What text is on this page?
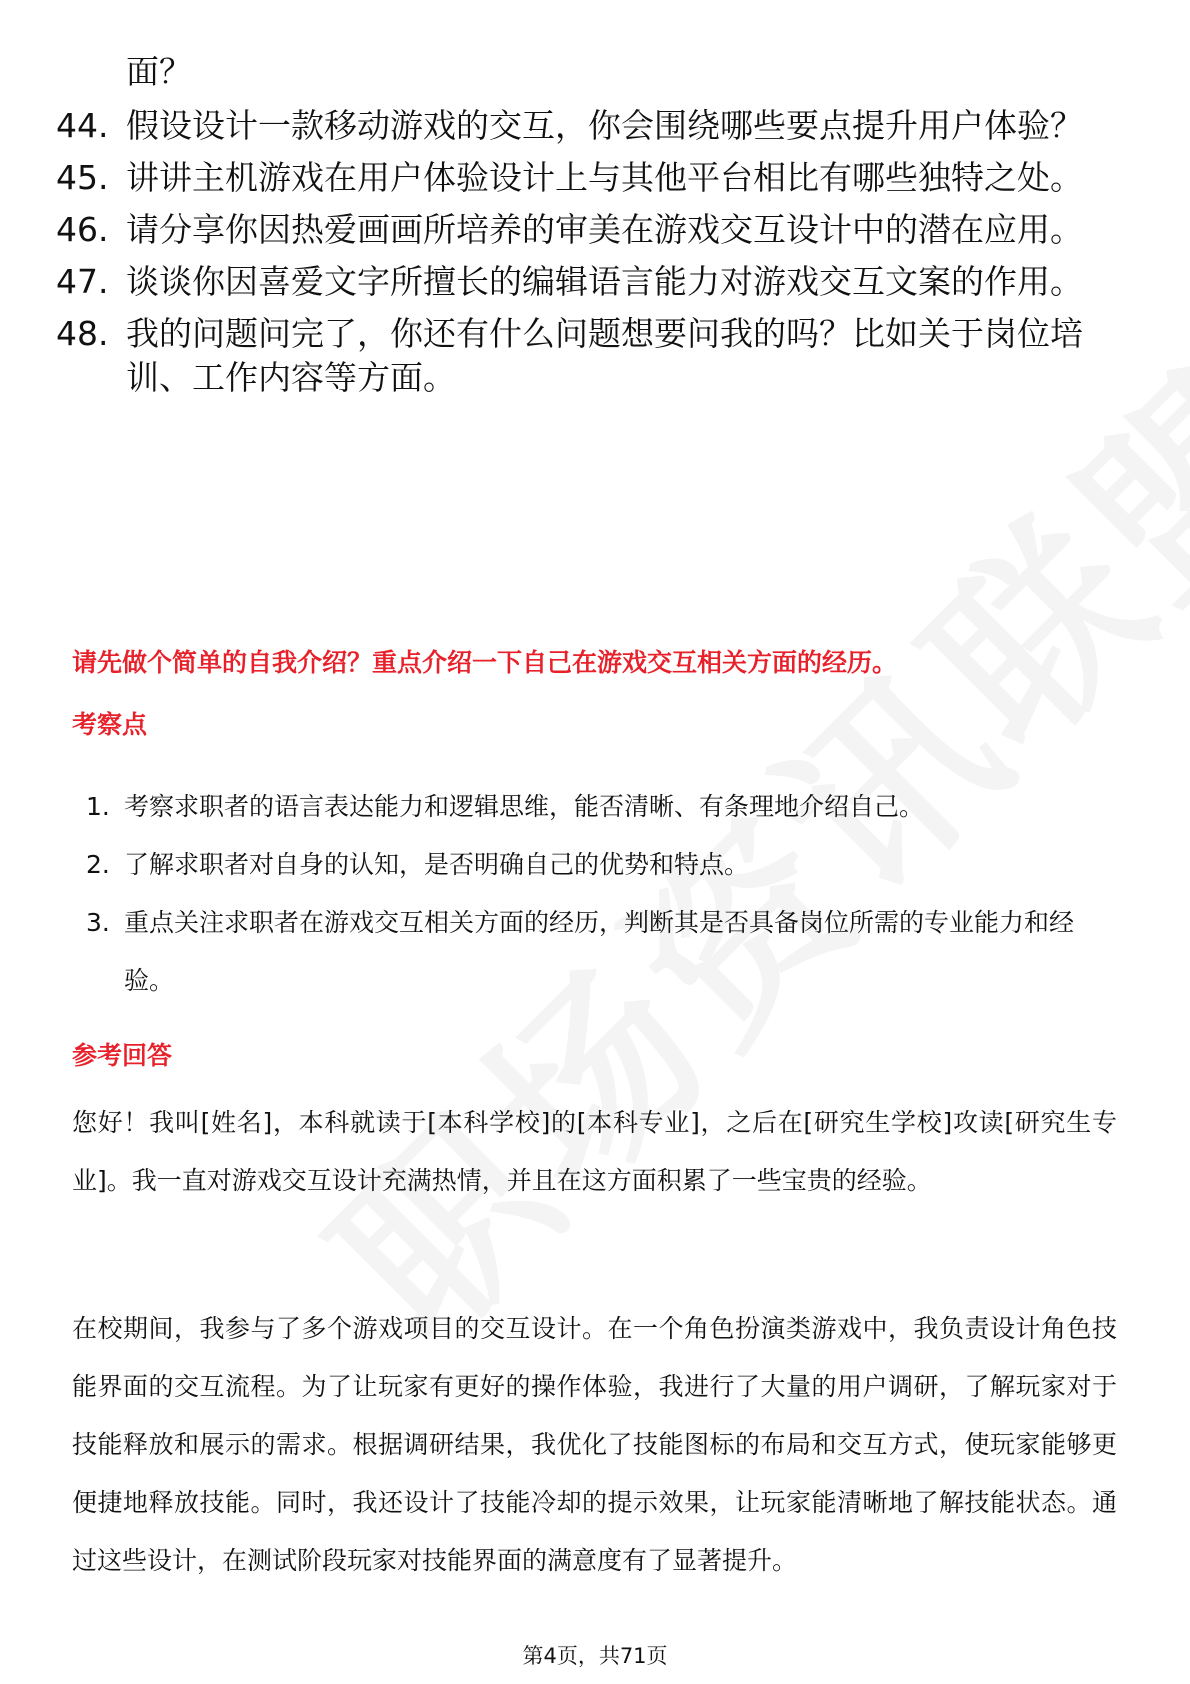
面？
44. 假设设计一款移动游戏的交互，你会围绕哪些要点提升用户体验？
45. 讲讲主机游戏在用户体验设计上与其他平台相比有哪些独特之处。
46. 请分享你因热爱画画所培养的审美在游戏交互设计中的潜在应用。
47. 谈谈你因喜爱文字所擅长的编辑语言能力对游戏交互文案的作用。
48. 我的问题问完了，你还有什么问题想要问我的吗？比如关于岗位培训、工作内容等方面。
请先做个简单的自我介绍？重点介绍一下自己在游戏交互相关方面的经历。
考察点
1. 考察求职者的语言表达能力和逻辑思维，能否清晰、有条理地介绍自己。
2. 了解求职者对自身的认知，是否明确自己的优势和特点。
3. 重点关注求职者在游戏交互相关方面的经历，判断其是否具备岗位所需的专业能力和经验。
参考回答
您好！我叫[姓名]，本科就读于[本科学校]的[本科专业]，之后在[研究生学校]攻读[研究生专业]。我一直对游戏交互设计充满热情，并且在这方面积累了一些宝贵的经验。
在校期间，我参与了多个游戏项目的交互设计。在一个角色扮演类游戏中，我负责设计角色技能界面的交互流程。为了让玩家有更好的操作体验，我进行了大量的用户调研，了解玩家对于技能释放和展示的需求。根据调研结果，我优化了技能图标的布局和交互方式，使玩家能够更便捷地释放技能。同时，我还设计了技能冷却的提示效果，让玩家能清晰地了解技能状态。通过这些设计，在测试阶段玩家对技能界面的满意度有了显著提升。
第4页，共71页
